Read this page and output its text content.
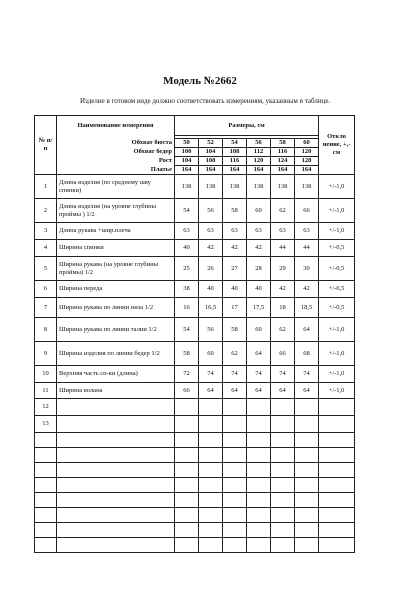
Модель №2662
Изделие в готовом виде должно соответствовать измерениям, указанным в таблице.
№ п/п	Наименование измерения	Размеры, см						Откло нение, +,- см

	Обхват бюста	50	52	54	56	58	60	
	Обхват бедер	100	104	108	112	116	120	
	Рост	104	108	116	120	124	128	
	Платье	164	164	164	164	164	164	
1	Длина изделия (по среднему шву спинки)	138	138	138	138	138	138	+/-1,0
2	Длина изделия (на уровне глубины проймы ) 1/2	54	56	58	60	62	66	+/-1,0
3	Длина рукава +шир.плеча	63	63	63	63	63	63	+/-1,0
4	Ширина спинки	40	42	42	42	44	44	+/-0,5
5	Ширина рукава (на уровне глубины проймы) 1/2	25	26	27	28	29	30	+/-0,5
6	Ширина переда	38	40	40	40	42	42	+/-0,5
7	Ширина рукава по линии низа 1/2	16	16,5	17	17,5	18	18,5	+/-0,5
8	Ширина рукава по линии талии 1/2	54	56	58	60	62	64	+/-1,0
9	Ширина изделия по линии бедер 1/2	58	60	62	64	66	68	+/-1,0
10	Верхняя часть сп-ки (длина)	72	74	74	74	74	74	+/-1,0
11	Ширина волана	66	64	64	64	64	64	+/-1,0
12								
13								
